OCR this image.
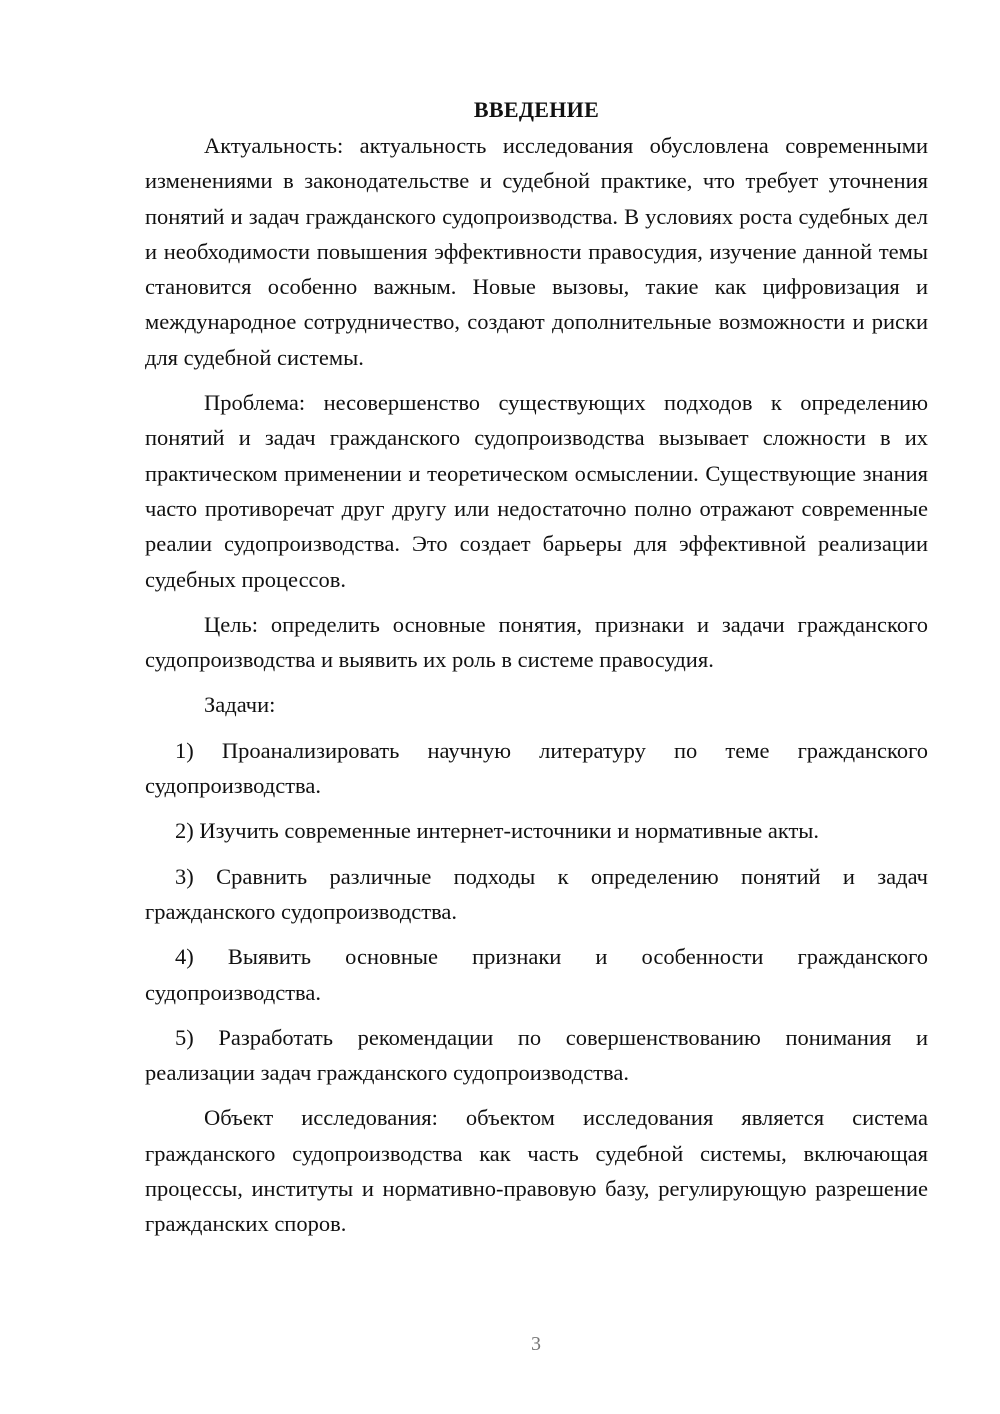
ВВЕДЕНИЕ

Актуальность: актуальность исследования обусловлена современными изменениями в законодательстве и судебной практике, что требует уточнения понятий и задач гражданского судопроизводства. В условиях роста судебных дел и необходимости повышения эффективности правосудия, изучение данной темы становится особенно важным. Новые вызовы, такие как цифровизация и международное сотрудничество, создают дополнительные возможности и риски для судебной системы.

Проблема: несовершенство существующих подходов к определению понятий и задач гражданского судопроизводства вызывает сложности в их практическом применении и теоретическом осмыслении. Существующие знания часто противоречат друг другу или недостаточно полно отражают современные реалии судопроизводства. Это создает барьеры для эффективной реализации судебных процессов.

Цель: определить основные понятия, признаки и задачи гражданского судопроизводства и выявить их роль в системе правосудия.

Задачи:

1) Проанализировать научную литературу по теме гражданского судопроизводства.

2) Изучить современные интернет-источники и нормативные акты.

3) Сравнить различные подходы к определению понятий и задач гражданского судопроизводства.

4) Выявить основные признаки и особенности гражданского судопроизводства.

5) Разработать рекомендации по совершенствованию понимания и реализации задач гражданского судопроизводства.

Объект исследования: объектом исследования является система гражданского судопроизводства как часть судебной системы, включающая процессы, институты и нормативно-правовую базу, регулирующую разрешение гражданских споров.

3
